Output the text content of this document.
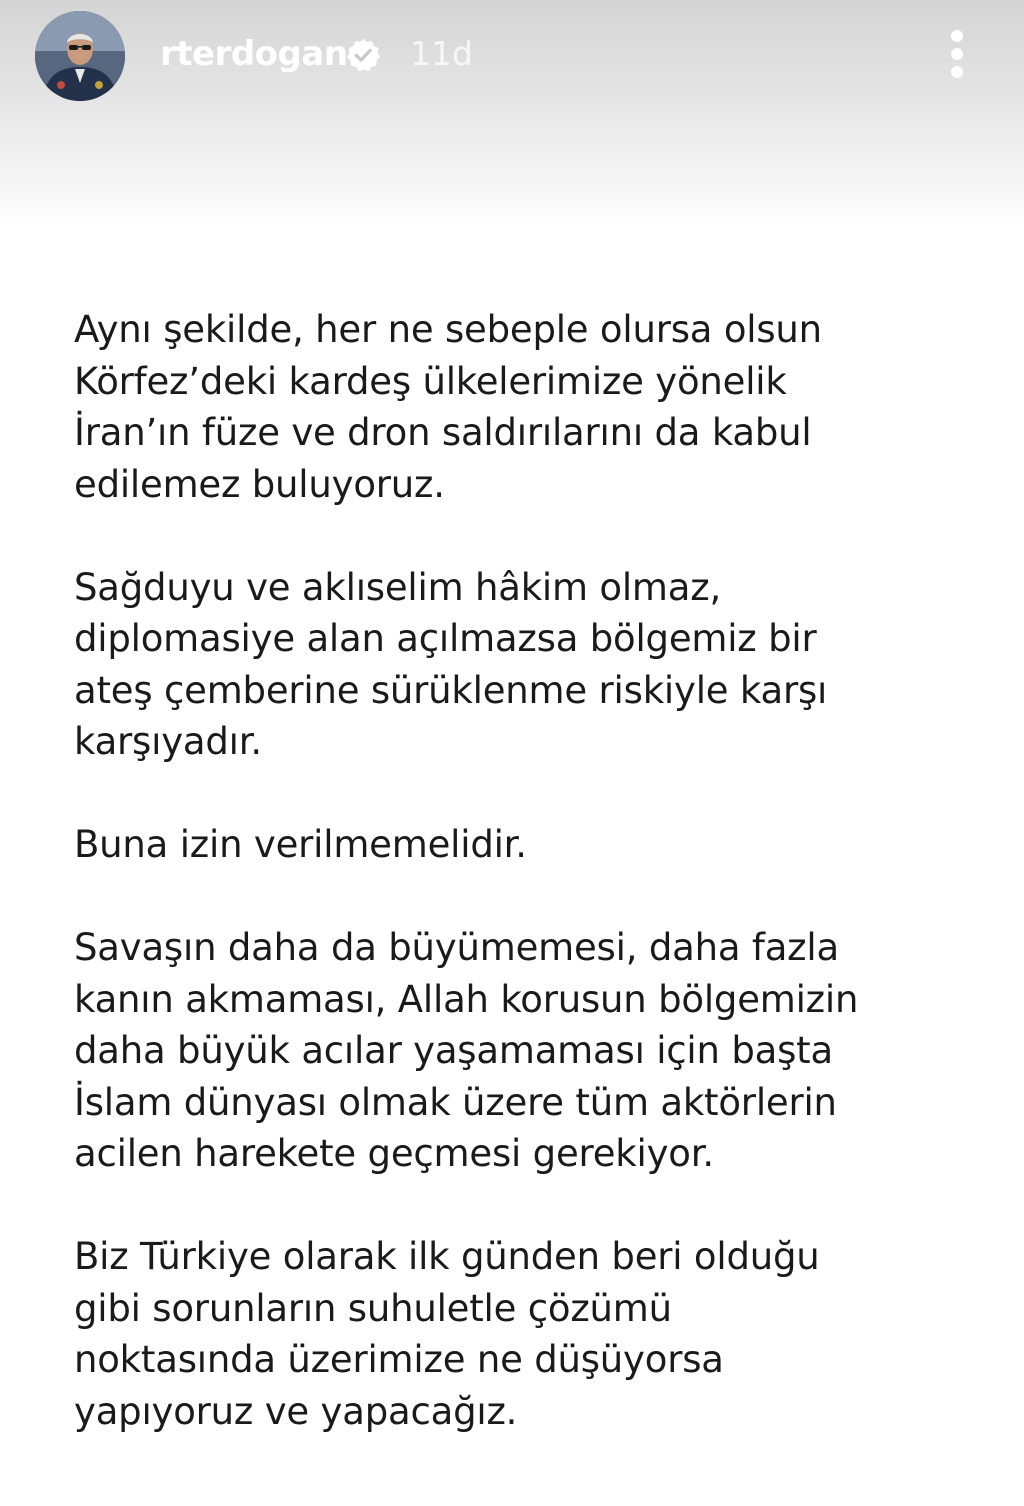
rterdogan 11d

Aynı şekilde, her ne sebeple olursa olsun
Körfez’deki kardeş ülkelerimize yönelik
İran’ın füze ve dron saldırılarını da kabul
edilemez buluyoruz.

Sağduyu ve aklıselim hâkim olmaz,
diplomasiye alan açılmazsa bölgemiz bir
ateş çemberine sürüklenme riskiyle karşı
karşıyadır.

Buna izin verilmemelidir.

Savaşın daha da büyümemesi, daha fazla
kanın akmaması, Allah korusun bölgemizin
daha büyük acılar yaşamaması için başta
İslam dünyası olmak üzere tüm aktörlerin
acilen harekete geçmesi gerekiyor.

Biz Türkiye olarak ilk günden beri olduğu
gibi sorunların suhuletle çözümü
noktasında üzerimize ne düşüyorsa
yapıyoruz ve yapacağız.
